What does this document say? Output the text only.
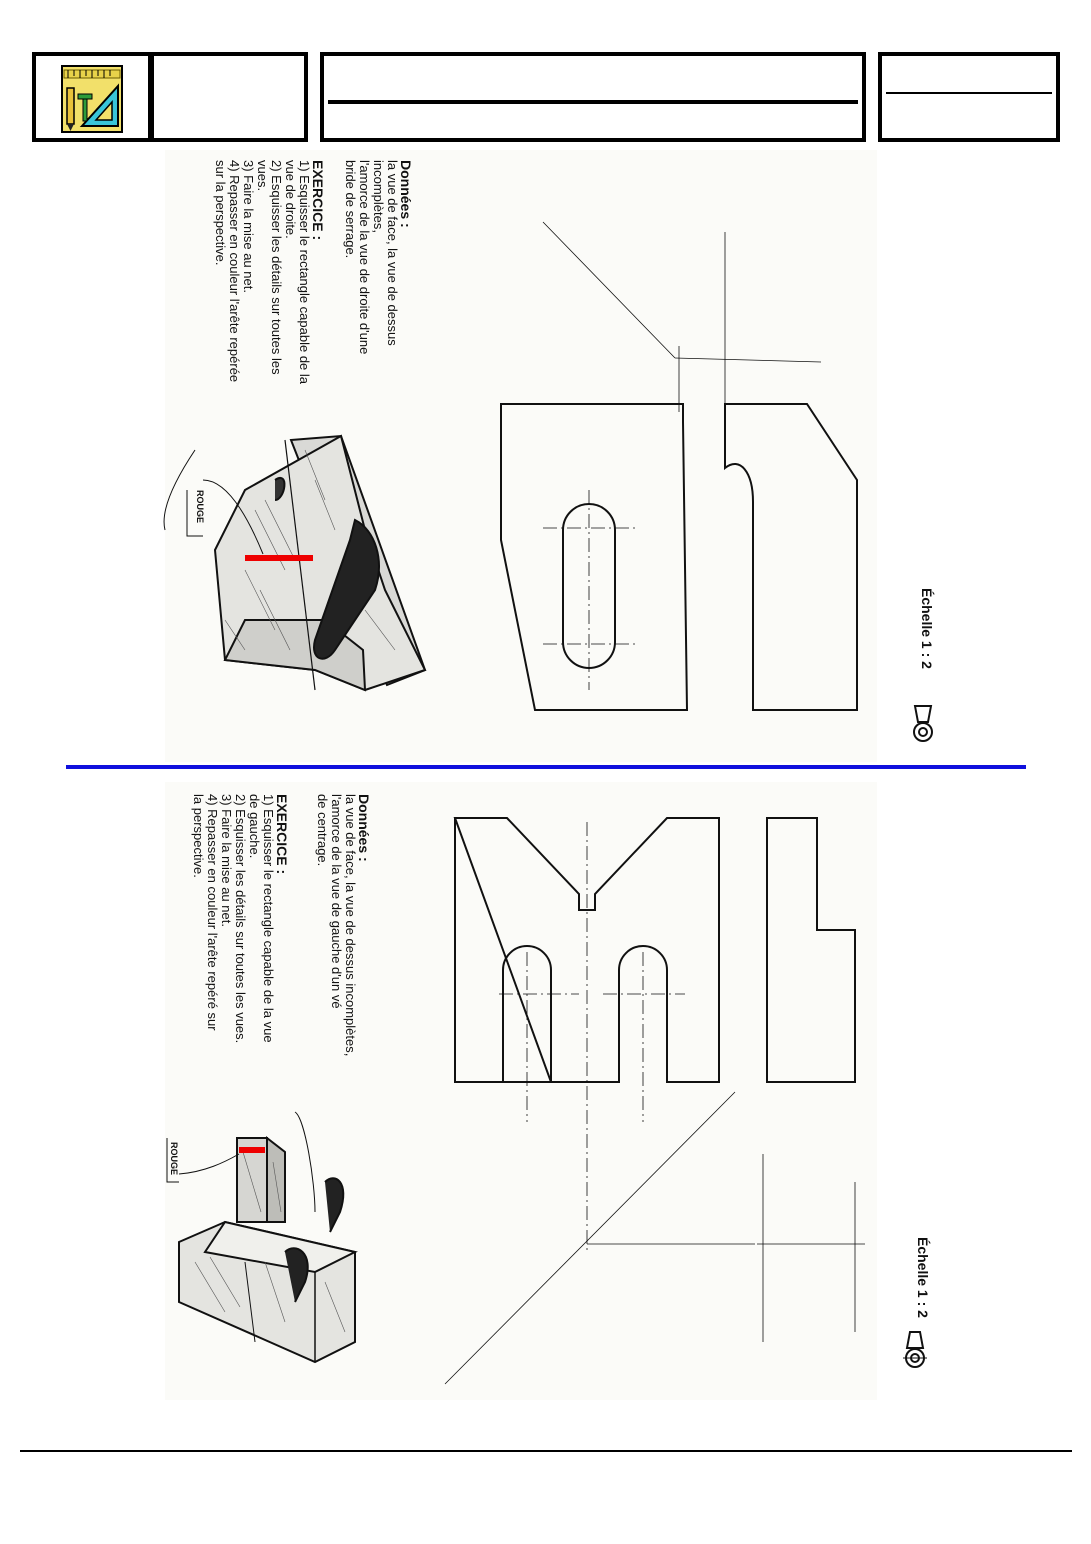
Données :
la vue de face, la vue de dessus
incomplètes,
l'amorce de la vue de droite d'une
bride de serrage.
EXERCICE :
1) Esquisser le rectangle capable de la
vue de droite.
2) Esquisser les détails sur toutes les
vues.
3) Faire la mise au net.
4) Repasser en couleur l'arête repérée
sur la perspective.
ROUGE
Échelle 1 : 2
Données :
la vue de face, la vue de dessus incomplètes,
l'amorce de la vue de gauche d'un vé
de centrage.
EXERCICE :
1) Esquisser le rectangle capable de la vue
de gauche.
2) Esquisser les détails sur toutes les vues.
3) Faire la mise au net.
4) Repasser en couleur l'arête repéré sur
la perspective.
ROUGE
Échelle 1 : 2
